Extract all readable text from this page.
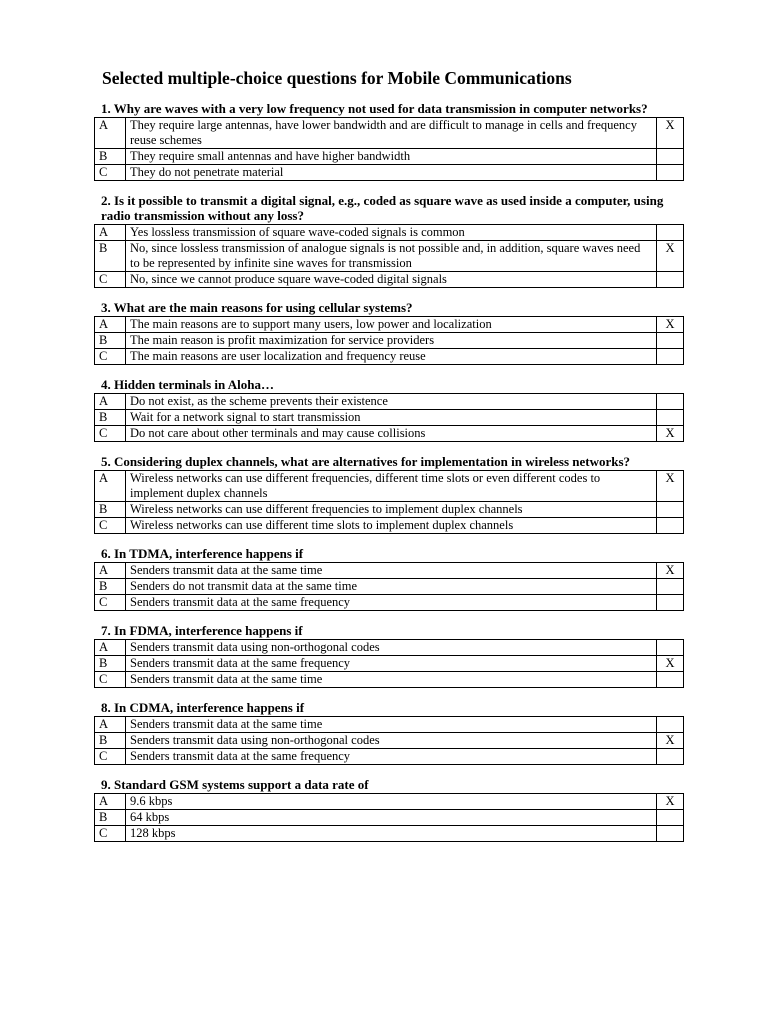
Selected multiple-choice questions for Mobile Communications
1. Why are waves with a very low frequency not used for data transmission in computer networks?
A	They require large antennas, have lower bandwidth and are difficult to manage in cells and frequency reuse schemes	X
B	They require small antennas and have higher bandwidth	
C	They do not penetrate material	
2. Is it possible to transmit a digital signal, e.g., coded as square wave as used inside a computer, using radio transmission without any loss?
A	Yes lossless transmission of square wave-coded signals is common	
B	No, since lossless transmission of analogue signals is not possible and, in addition, square waves need to be represented by infinite sine waves for transmission	X
C	No, since we cannot produce square wave-coded digital signals	
3. What are the main reasons for using cellular systems?
A	The main reasons are to support many users, low power and localization	X
B	The main reason is profit maximization for service providers	
C	The main reasons are user localization and frequency reuse	
4. Hidden terminals in Aloha…
A	Do not exist, as the scheme prevents their existence	
B	Wait for a network signal to start transmission	
C	Do not care about other terminals and may cause collisions	X
5. Considering duplex channels, what are alternatives for implementation in wireless networks?
A	Wireless networks can use different frequencies, different time slots or even different codes to implement duplex channels	X
B	Wireless networks can use different frequencies to implement duplex channels	
C	Wireless networks can use different time slots to implement duplex channels	
6. In TDMA, interference happens if
A	Senders transmit data at the same time	X
B	Senders do not transmit data at the same time	
C	Senders transmit data at the same frequency	
7. In FDMA, interference happens if
A	Senders transmit data using non-orthogonal codes	
B	Senders transmit data at the same frequency	X
C	Senders transmit data at the same time	
8. In CDMA, interference happens if
A	Senders transmit data at the same time	
B	Senders transmit data using non-orthogonal codes	X
C	Senders transmit data at the same frequency	
9. Standard GSM systems support a data rate of
A	9.6 kbps	X
B	64 kbps	
C	128 kbps	
